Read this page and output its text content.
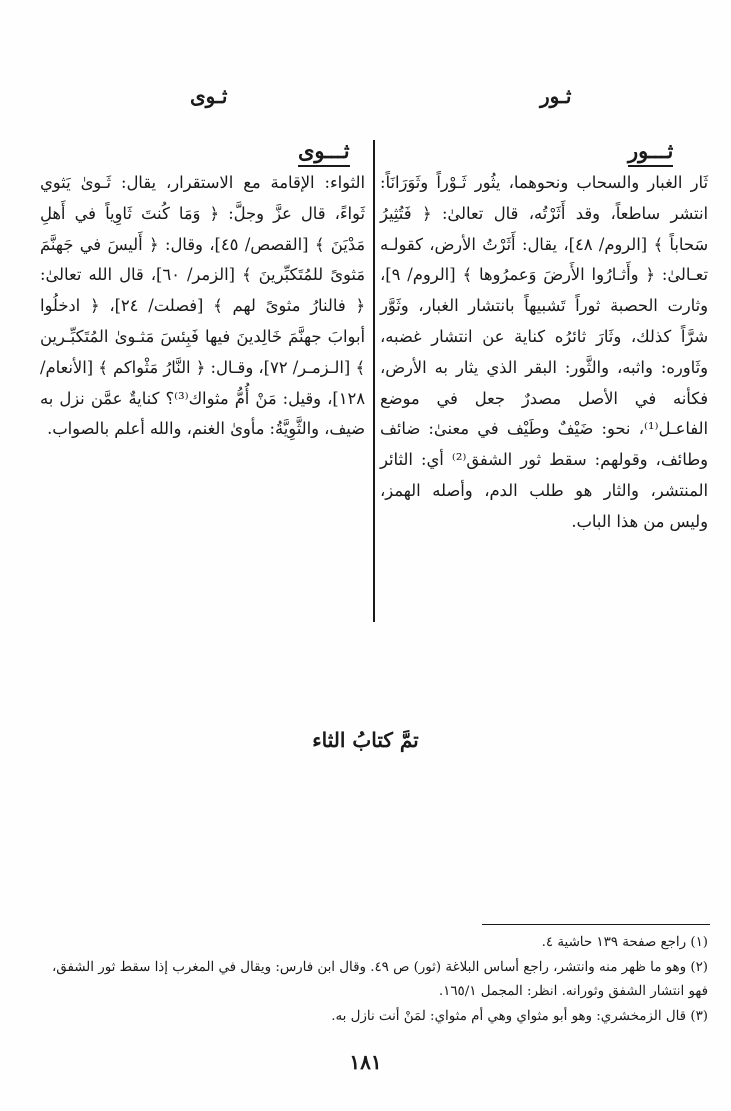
ثـور
ثـوى
ثـــور
ثـــوى

ثَار الغبار والسحاب ونحوهما، يثُور ثَـوْراً وثَوَرَانَاً: انتشر ساطعاً، وقد أَثَرْتُه، قال تعالىٰ: ﴿ فَتُثِيرُ سَحاباً ﴾ [الروم/ ٤٨]، يقال: أَثَرْتُ الأرض، كقولـه تعـالىٰ: ﴿ وأَثـارُوا الأَرضَ وَعمرُوها ﴾ [الروم/ ٩]، وثارت الحصبة ثوراً تَشبيهاً بانتشار الغبار، وثَوَّر شرَّاً كذلك، وثَارَ ثائرُه كناية عن انتشار غضبه، وثَاوره: واثبه، والثَّور: البقر الذي يثار به الأرض، فكأنه في الأصل مصدرٌ جعل في موضع الفاعـل⁽¹⁾، نحو: ضَيْفٌ وطَيْف في معنىٰ: ضائف وطائف، وقولهم: سقط ثور الشفق⁽²⁾ أي: الثائر المنتشر، والثار هو طلب الدم، وأصله الهمز، وليس من هذا الباب.

الثواء: الإقامة مع الاستقرار، يقال: ثَـوىٰ يَثوي ثَواءً، قال عزَّ وجلَّ: ﴿ وَمَا كُنتَ ثَاوِياً في أَهلِ مَدْيَنَ ﴾ [القصص/ ٤٥]، وقال: ﴿ أَليسَ في جَهنَّمَ مَثوىً للمُتَكبِّرينَ ﴾ [الزمر/ ٦٠]، قال الله تعالىٰ: ﴿ فالنارُ مثوىً لهم ﴾ [فصلت/ ٢٤]، ﴿ ادخلُوا أبوابَ جهنَّمَ خَالِدينَ فيها فَبِئسَ مَثـوىٰ المُتَكبِّـرين ﴾ [الـزمـر/ ٧٢]، وقـال: ﴿ النَّارُ مَثْواكم ﴾ [الأنعام/١٢٨]، وقيل: مَنْ أُمُّ مثواك⁽³⁾؟ كنايةٌ عمَّن نزل به ضيف، والثَّوِيَّةُ: مأوىٰ الغنم، والله أعلم بالصواب.

تمَّ كتابُ الثاء
(١) راجع صفحة ١٣٩ حاشية ٤.
(٢) وهو ما ظهر منه وانتشر، راجع أساس البلاغة (ثور) ص ٤٩. وقال ابن فارس: ويقال في المغرب إذا سقط ثور الشفق، فهو انتشار الشفق وثورانه. انظر: المجمل ١٦٥/١.
(٣) قال الزمخشري: وهو أبو مثواي وهي أم مثواي: لمَنْ أنت نازل به.
١٨١
